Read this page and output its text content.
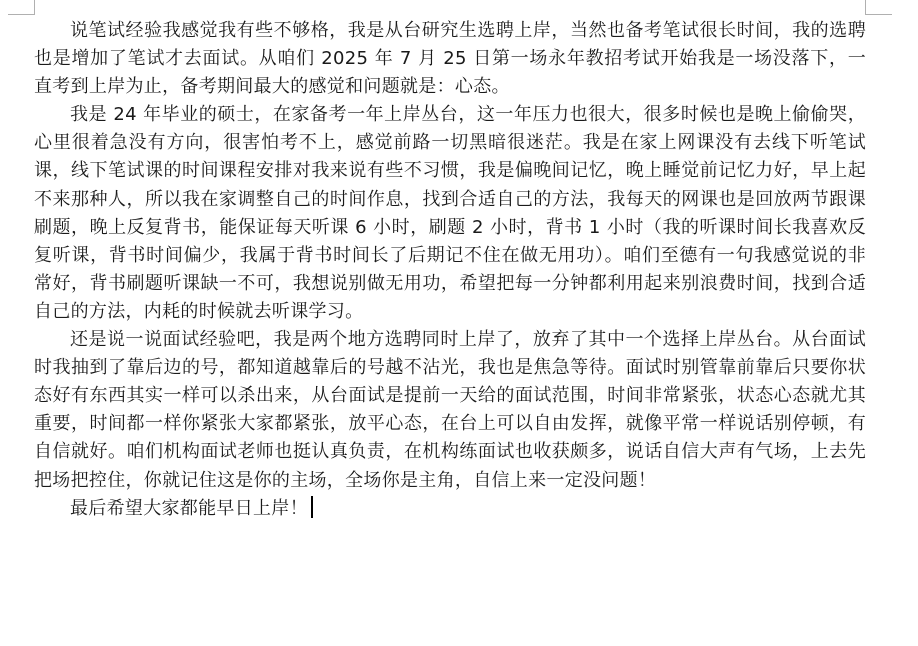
说笔试经验我感觉我有些不够格，我是从台研究生选聘上岸，当然也备考笔试很长时间，我的选聘也是增加了笔试才去面试。从咱们 2025 年 7 月 25 日第一场永年教招考试开始我是一场没落下，一直考到上岸为止，备考期间最大的感觉和问题就是：心态。

我是 24 年毕业的硕士，在家备考一年上岸丛台，这一年压力也很大，很多时候也是晚上偷偷哭，心里很着急没有方向，很害怕考不上，感觉前路一切黑暗很迷茫。我是在家上网课没有去线下听笔试课，线下笔试课的时间课程安排对我来说有些不习惯，我是偏晚间记忆，晚上睡觉前记忆力好，早上起不来那种人，所以我在家调整自己的时间作息，找到合适自己的方法，我每天的网课也是回放两节跟课刷题，晚上反复背书，能保证每天听课 6 小时，刷题 2 小时，背书 1 小时（我的听课时间长我喜欢反复听课，背书时间偏少，我属于背书时间长了后期记不住在做无用功）。咱们至德有一句我感觉说的非常好，背书刷题听课缺一不可，我想说别做无用功，希望把每一分钟都利用起来别浪费时间，找到合适自己的方法，内耗的时候就去听课学习。

还是说一说面试经验吧，我是两个地方选聘同时上岸了，放弃了其中一个选择上岸丛台。从台面试时我抽到了靠后边的号，都知道越靠后的号越不沾光，我也是焦急等待。面试时别管靠前靠后只要你状态好有东西其实一样可以杀出来，从台面试是提前一天给的面试范围，时间非常紧张，状态心态就尤其重要，时间都一样你紧张大家都紧张，放平心态，在台上可以自由发挥，就像平常一样说话别停顿，有自信就好。咱们机构面试老师也挺认真负责，在机构练面试也收获颇多，说话自信大声有气场，上去先把场把控住，你就记住这是你的主场，全场你是主角，自信上来一定没问题！

最后希望大家都能早日上岸！
